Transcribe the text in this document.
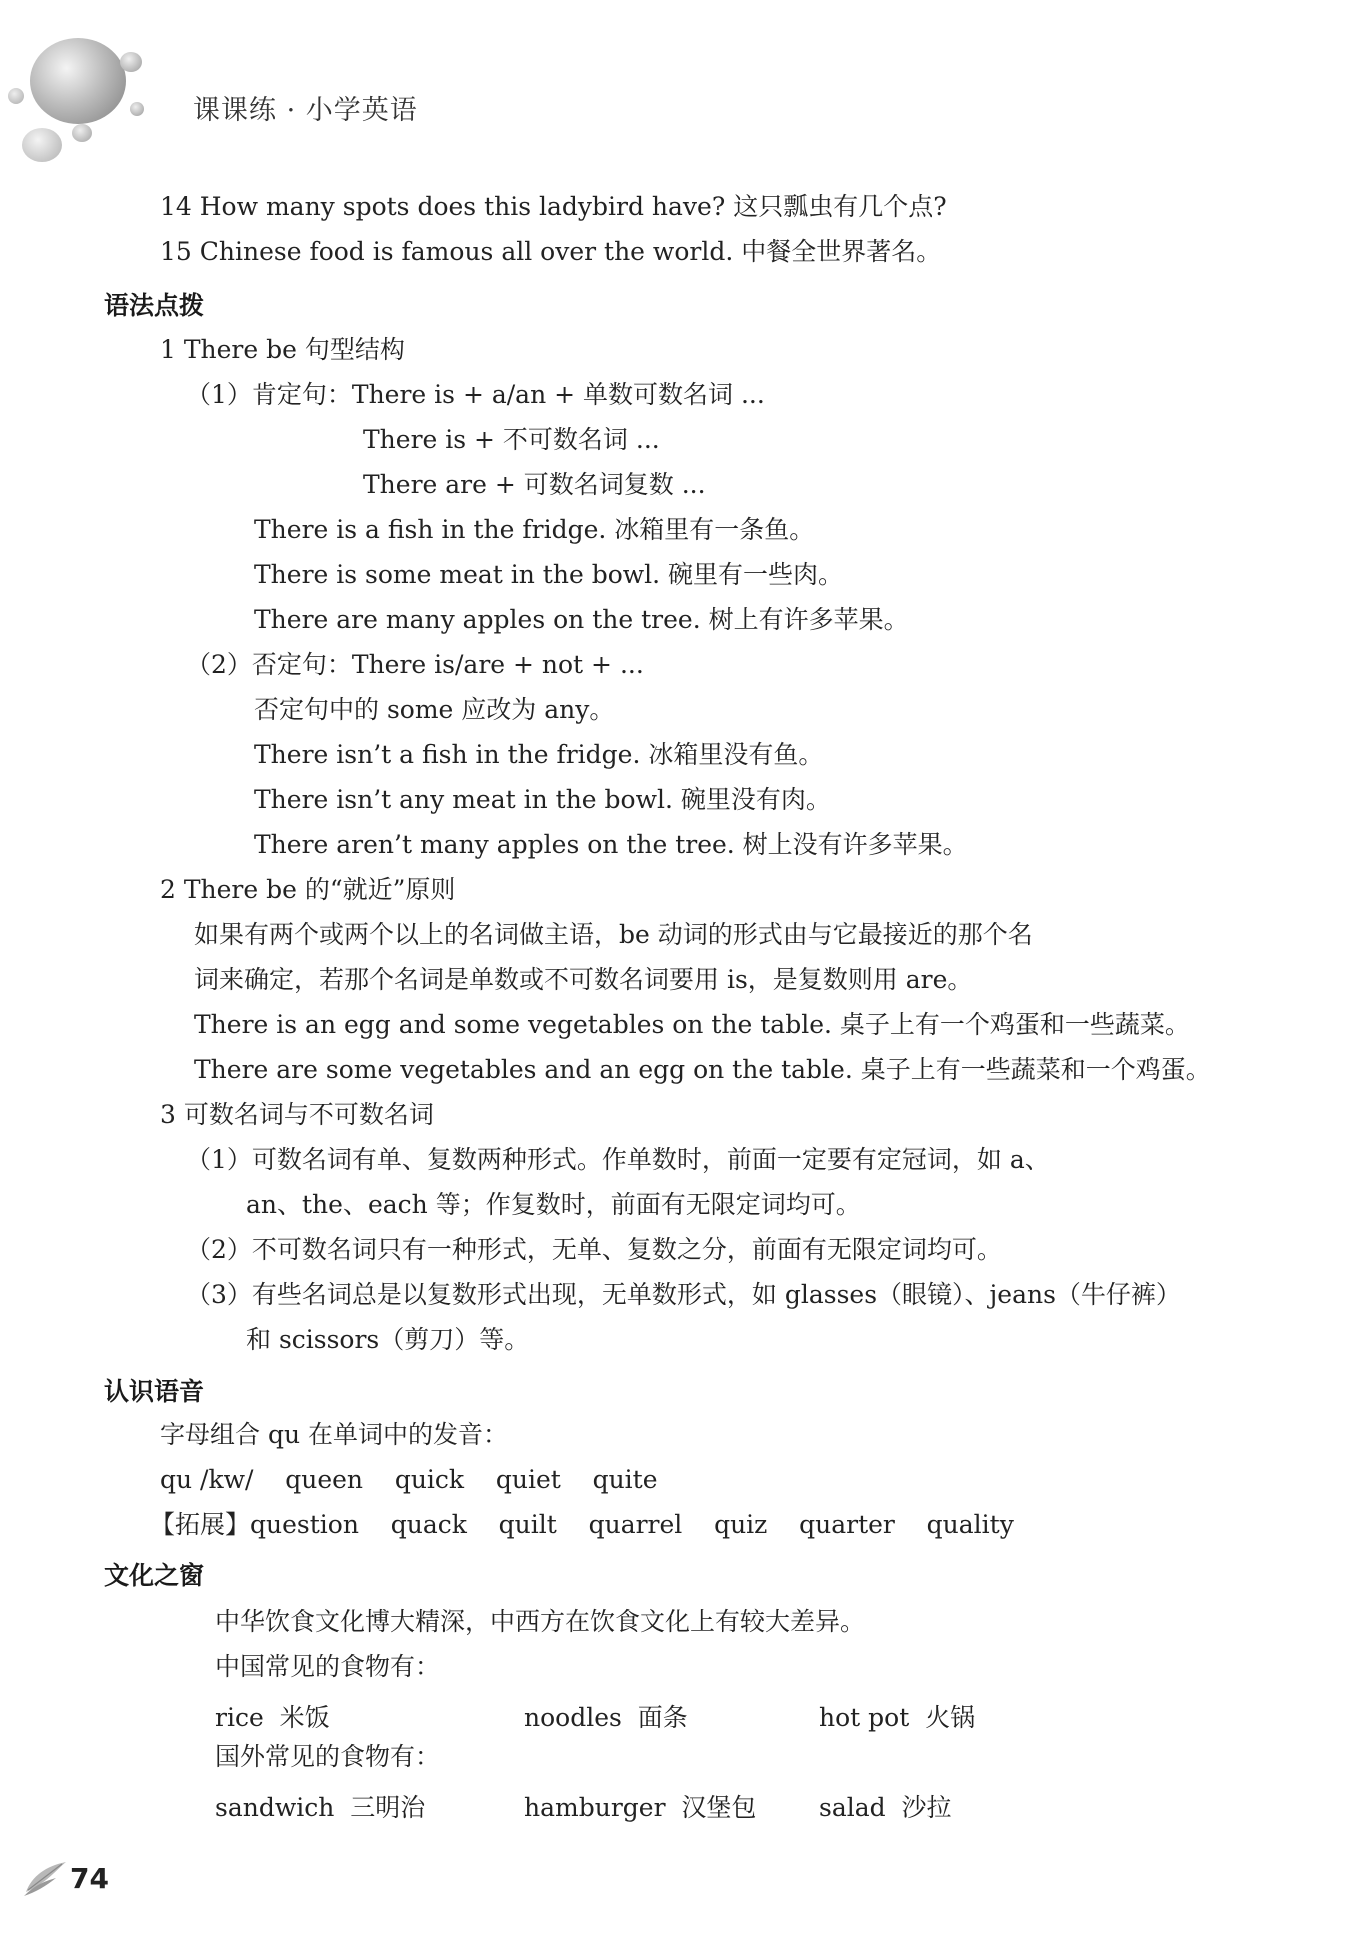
课课练 · 小学英语
14 How many spots does this ladybird have? 这只瓢虫有几个点?
15 Chinese food is famous all over the world. 中餐全世界著名。
语法点拨
1 There be 句型结构
（1）肯定句：There is + a/an + 单数可数名词 ...
There is + 不可数名词 ...
There are + 可数名词复数 ...
There is a fish in the fridge. 冰箱里有一条鱼。
There is some meat in the bowl. 碗里有一些肉。
There are many apples on the tree. 树上有许多苹果。
（2）否定句：There is/are + not + ...
否定句中的 some 应改为 any。
There isn’t a fish in the fridge. 冰箱里没有鱼。
There isn’t any meat in the bowl. 碗里没有肉。
There aren’t many apples on the tree. 树上没有许多苹果。
2 There be 的“就近”原则
如果有两个或两个以上的名词做主语，be 动词的形式由与它最接近的那个名
词来确定，若那个名词是单数或不可数名词要用 is，是复数则用 are。
There is an egg and some vegetables on the table. 桌子上有一个鸡蛋和一些蔬菜。
There are some vegetables and an egg on the table. 桌子上有一些蔬菜和一个鸡蛋。
3 可数名词与不可数名词
（1）可数名词有单、复数两种形式。作单数时，前面一定要有定冠词，如 a、
an、the、each 等；作复数时，前面有无限定词均可。
（2）不可数名词只有一种形式，无单、复数之分，前面有无限定词均可。
（3）有些名词总是以复数形式出现，无单数形式，如 glasses（眼镜）、jeans（牛仔裤）
和 scissors（剪刀）等。
认识语音
字母组合 qu 在单词中的发音：
qu /kw/    queen    quick    quiet    quite
【拓展】question    quack    quilt    quarrel    quiz    quarter    quality
文化之窗
中华饮食文化博大精深，中西方在饮食文化上有较大差异。
中国常见的食物有：
rice  米饭	noodles  面条	hot pot  火锅
国外常见的食物有：
sandwich  三明治	hamburger  汉堡包	salad  沙拉
74
